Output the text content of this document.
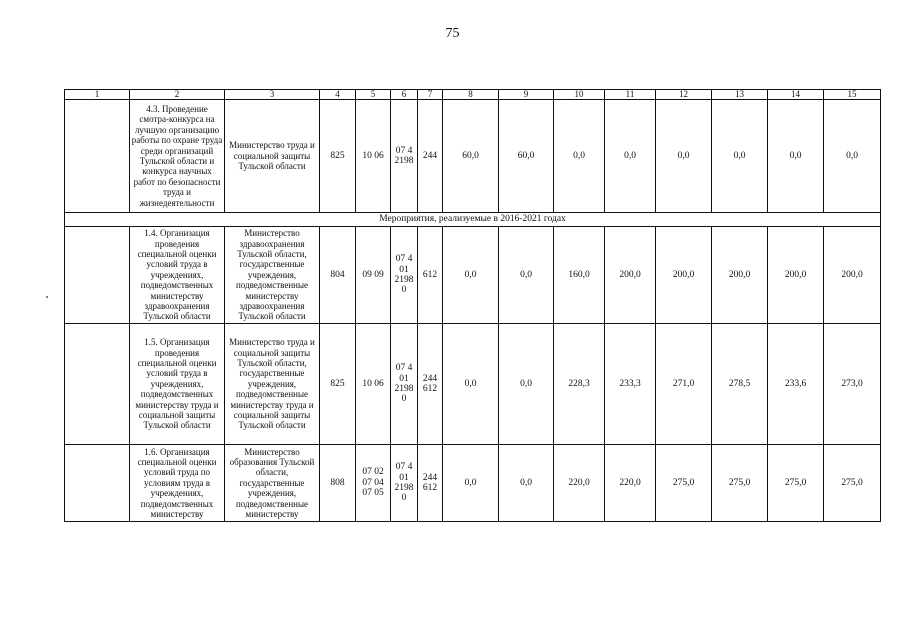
75
1	2	3	4	5	6	7	8	9	10	11	12	13	14	15
	4.3. Проведение смотра-конкурса на лучшую организацию работы по охране труда среди организаций Тульской области и конкурса научных работ по безопасности труда и жизнедеятельности	Министерство труда и социальной защиты Тульской области	825	10 06	07 4 2198	244	60,0	60,0	0,0	0,0	0,0	0,0	0,0	0,0
Мероприятия, реализуемые в 2016-2021 годах														
	1.4. Организация проведения специальной оценки условий труда в учреждениях, подведомственных министерству здравоохранения Тульской области	Министерство здравоохранения Тульской области, государственные учреждения, подведомственные министерству здравоохранения Тульской области	804	09 09	07 4 01 2198 0	612	0,0	0,0	160,0	200,0	200,0	200,0	200,0	200,0
	1.5. Организация проведения специальной оценки условий труда в учреждениях, подведомственных министерству труда и социальной защиты Тульской области	Министерство труда и социальной защиты Тульской области, государственные учреждения, подведомственные министерству труда и социальной защиты Тульской области	825	10 06	07 4 01 2198 0	244 612	0,0	0,0	228,3	233,3	271,0	278,5	233,6	273,0
	1.6. Организация специальной оценки условий труда по условиям труда в учреждениях, подведомственных министерству	Министерство образования Тульской области, государственные учреждения, подведомственные министерству	808	07 02 07 04 07 05	07 4 01 2198 0	244 612	0,0	0,0	220,0	220,0	275,0	275,0	275,0	275,0
